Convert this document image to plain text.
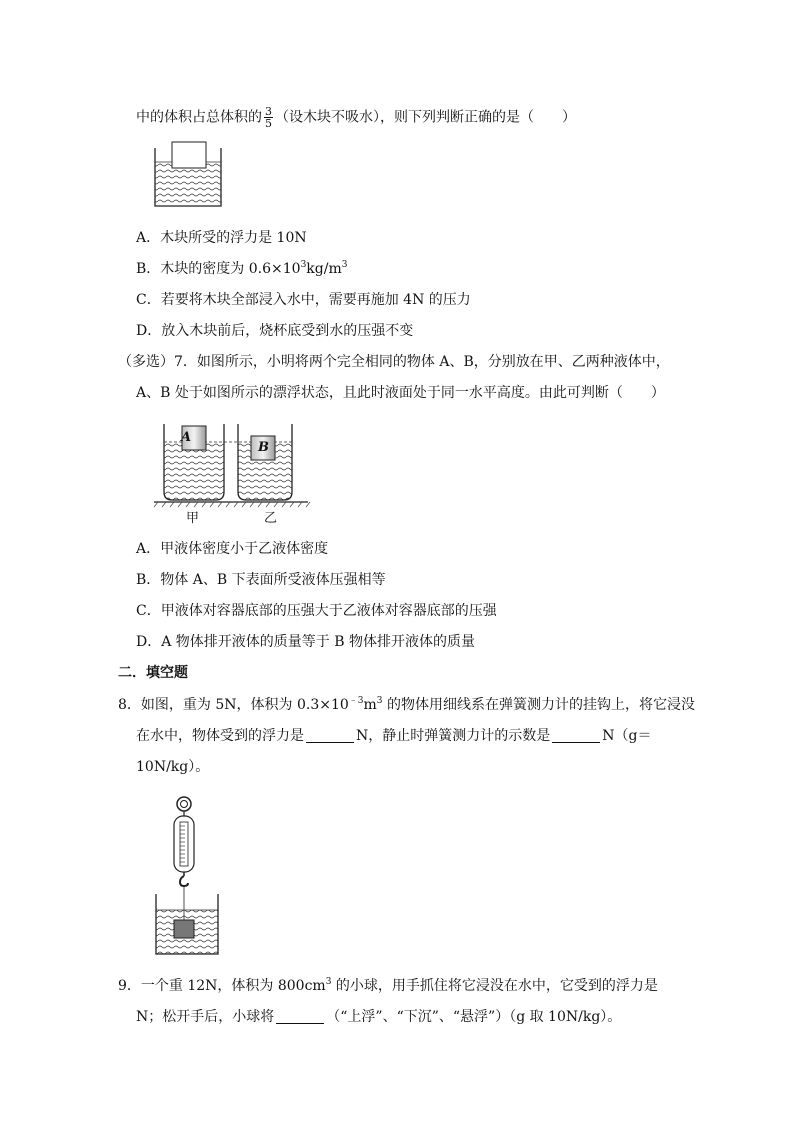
中的体积占总体积的 $\frac{3}{5}$ （设木块不吸水），则下列判断正确的是（　　）
A．木块所受的浮力是 10N
B．木块的密度为 $0.6\times 10^3kg/m^3$
C．若要将木块全部浸入水中，需要再施加 4N 的压力
D．放入木块前后，烧杯底受到水的压强不变
（多选）7．如图所示，小明将两个完全相同的物体 A、B，分别放在甲、乙两种液体中，
A、B 处于如图所示的漂浮状态，且此时液面处于同一水平高度。由此可判断（　　）
A
B
甲	乙
A．甲液体密度小于乙液体密度
B．物体 A、B 下表面所受液体压强相等
C．甲液体对容器底部的压强大于乙液体对容器底部的压强
D．A 物体排开液体的质量等于 B 物体排开液体的质量
二．填空题
8．如图，重为 5N，体积为 $0.3\times 10^{﹣3}m^3$ 的物体用细线系在弹簧测力计的挂钩上，将它浸没
在水中，物体受到的浮力是	N，静止时弹簧测力计的示数是	N（g＝
10N/kg）。
9．一个重 12N，体积为 $800cm^3$ 的小球，用手抓住将它浸没在水中，它受到的浮力是
N；松开手后，小球将	（“上浮”、“下沉”、“悬浮”）（g 取 10N/kg）。
